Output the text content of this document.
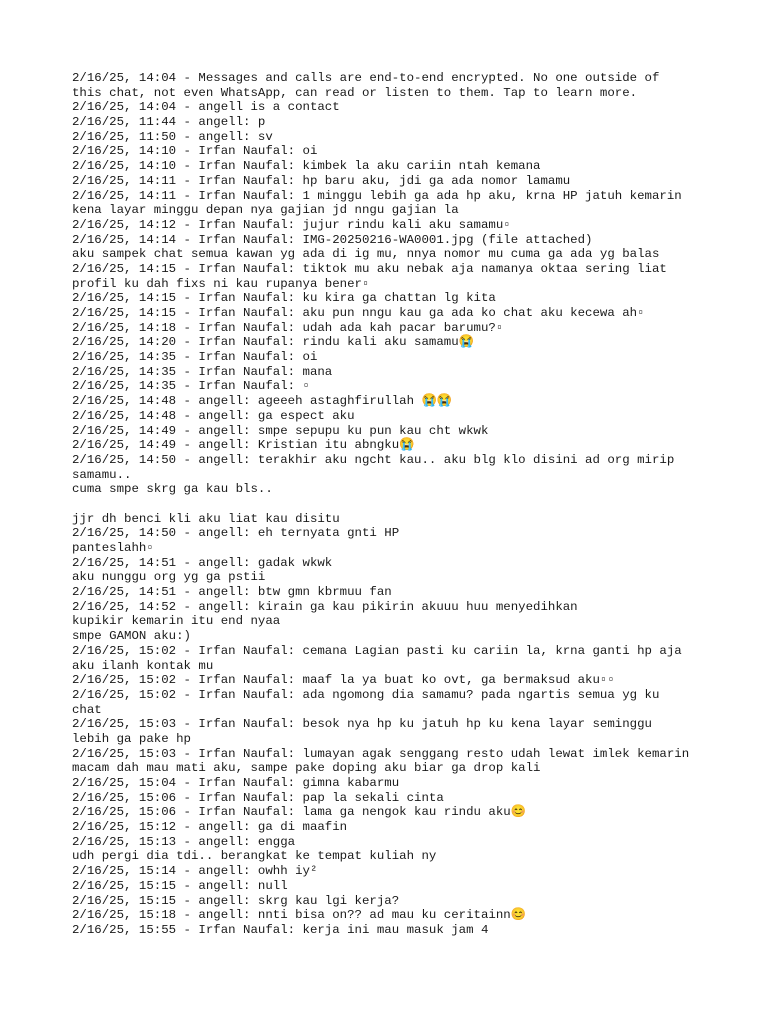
2/16/25, 14:04 - Messages and calls are end-to-end encrypted. No one outside of
this chat, not even WhatsApp, can read or listen to them. Tap to learn more.
2/16/25, 14:04 - angell is a contact
2/16/25, 11:44 - angell: p
2/16/25, 11:50 - angell: sv
2/16/25, 14:10 - Irfan Naufal: oi
2/16/25, 14:10 - Irfan Naufal: kimbek la aku cariin ntah kemana
2/16/25, 14:11 - Irfan Naufal: hp baru aku, jdi ga ada nomor lamamu
2/16/25, 14:11 - Irfan Naufal: 1 minggu lebih ga ada hp aku, krna HP jatuh kemarin
kena layar minggu depan nya gajian jd nngu gajian la
2/16/25, 14:12 - Irfan Naufal: jujur rindu kali aku samamu▫
2/16/25, 14:14 - Irfan Naufal: IMG-20250216-WA0001.jpg (file attached)
aku sampek chat semua kawan yg ada di ig mu, nnya nomor mu cuma ga ada yg balas
2/16/25, 14:15 - Irfan Naufal: tiktok mu aku nebak aja namanya oktaa sering liat
profil ku dah fixs ni kau rupanya bener▫
2/16/25, 14:15 - Irfan Naufal: ku kira ga chattan lg kita
2/16/25, 14:15 - Irfan Naufal: aku pun nngu kau ga ada ko chat aku kecewa ah▫
2/16/25, 14:18 - Irfan Naufal: udah ada kah pacar barumu?▫
2/16/25, 14:20 - Irfan Naufal: rindu kali aku samamu😭
2/16/25, 14:35 - Irfan Naufal: oi
2/16/25, 14:35 - Irfan Naufal: mana
2/16/25, 14:35 - Irfan Naufal: ▫
2/16/25, 14:48 - angell: ageeeh astaghfirullah 😭😭
2/16/25, 14:48 - angell: ga espect aku
2/16/25, 14:49 - angell: smpe sepupu ku pun kau cht wkwk
2/16/25, 14:49 - angell: Kristian itu abngku😭
2/16/25, 14:50 - angell: terakhir aku ngcht kau.. aku blg klo disini ad org mirip
samamu..
cuma smpe skrg ga kau bls..
jjr dh benci kli aku liat kau disitu
2/16/25, 14:50 - angell: eh ternyata gnti HP
panteslahh▫
2/16/25, 14:51 - angell: gadak wkwk
aku nunggu org yg ga pstii
2/16/25, 14:51 - angell: btw gmn kbrmuu fan
2/16/25, 14:52 - angell: kirain ga kau pikirin akuuu huu menyedihkan
kupikir kemarin itu end nyaa
smpe GAMON aku:)
2/16/25, 15:02 - Irfan Naufal: cemana Lagian pasti ku cariin la, krna ganti hp aja
aku ilanh kontak mu
2/16/25, 15:02 - Irfan Naufal: maaf la ya buat ko ovt, ga bermaksud aku▫▫
2/16/25, 15:02 - Irfan Naufal: ada ngomong dia samamu? pada ngartis semua yg ku
chat
2/16/25, 15:03 - Irfan Naufal: besok nya hp ku jatuh hp ku kena layar seminggu
lebih ga pake hp
2/16/25, 15:03 - Irfan Naufal: lumayan agak senggang resto udah lewat imlek kemarin
macam dah mau mati aku, sampe pake doping aku biar ga drop kali
2/16/25, 15:04 - Irfan Naufal: gimna kabarmu
2/16/25, 15:06 - Irfan Naufal: pap la sekali cinta
2/16/25, 15:06 - Irfan Naufal: lama ga nengok kau rindu aku😊
2/16/25, 15:12 - angell: ga di maafin
2/16/25, 15:13 - angell: engga
udh pergi dia tdi.. berangkat ke tempat kuliah ny
2/16/25, 15:14 - angell: owhh iy²
2/16/25, 15:15 - angell: null
2/16/25, 15:15 - angell: skrg kau lgi kerja?
2/16/25, 15:18 - angell: nnti bisa on?? ad mau ku ceritainn😊
2/16/25, 15:55 - Irfan Naufal: kerja ini mau masuk jam 4
